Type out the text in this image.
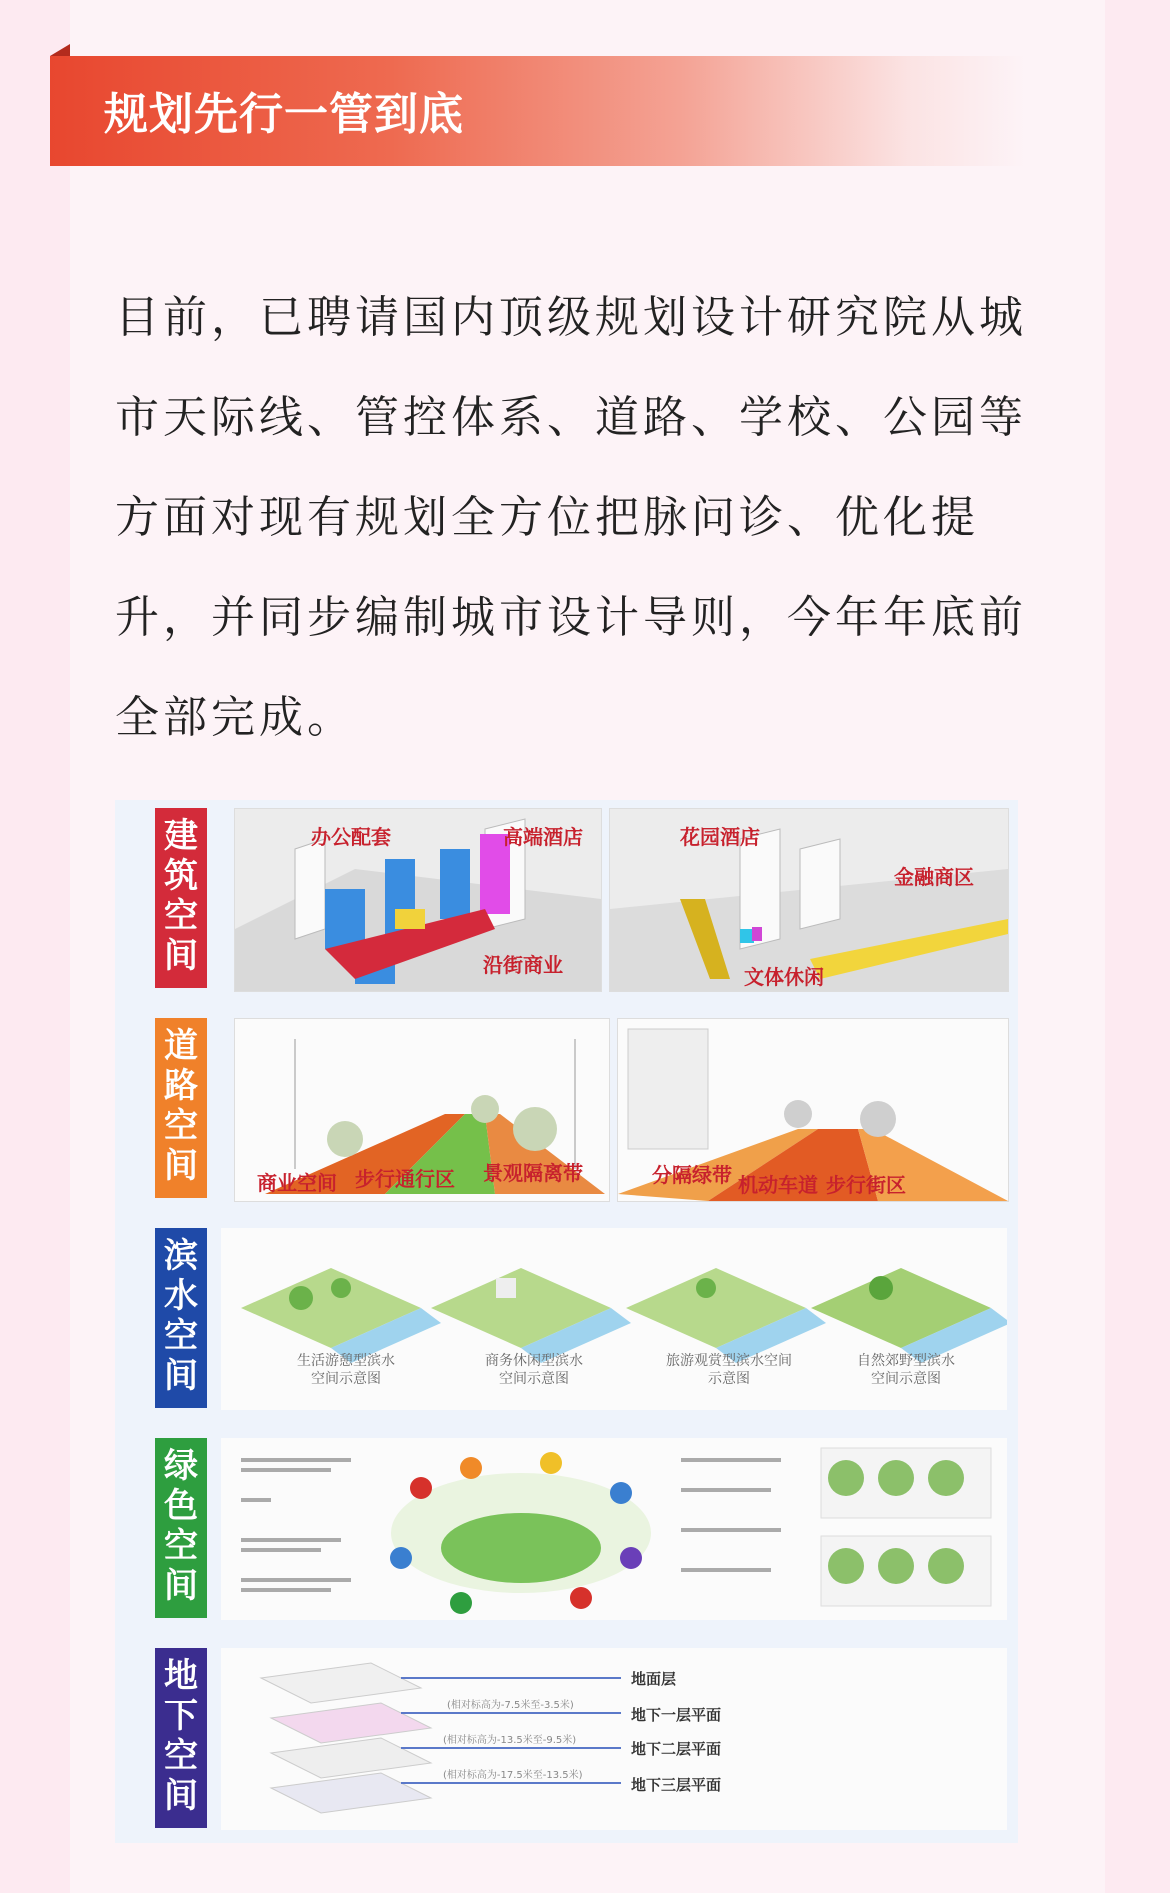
规划先行一管到底
目前，已聘请国内顶级规划设计研究院从城市天际线、管控体系、道路、学校、公园等方面对现有规划全方位把脉问诊、优化提升，并同步编制城市设计导则，今年年底前全部完成。
建
筑
空
间
办公配套	高端酒店
沿街商业
花园酒店
金融商区
文体休闲
道
路
空
间	商业空间 步行通行区 景观隔离带	分隔绿带 机动车道 步行街区
滨
水
空
间	生活游憩型滨水
空间示意图
商务休闲型滨水
空间示意图
旅游观赏型滨水空间
示意图
自然郊野型滨水
空间示意图
绿
色
空
间
地
下
空
间
(相对标高为-7.5米至-3.5米)
(相对标高为-13.5米至-9.5米)
(相对标高为-17.5米至-13.5米)
地面层
地下一层平面
地下二层平面
地下三层平面
